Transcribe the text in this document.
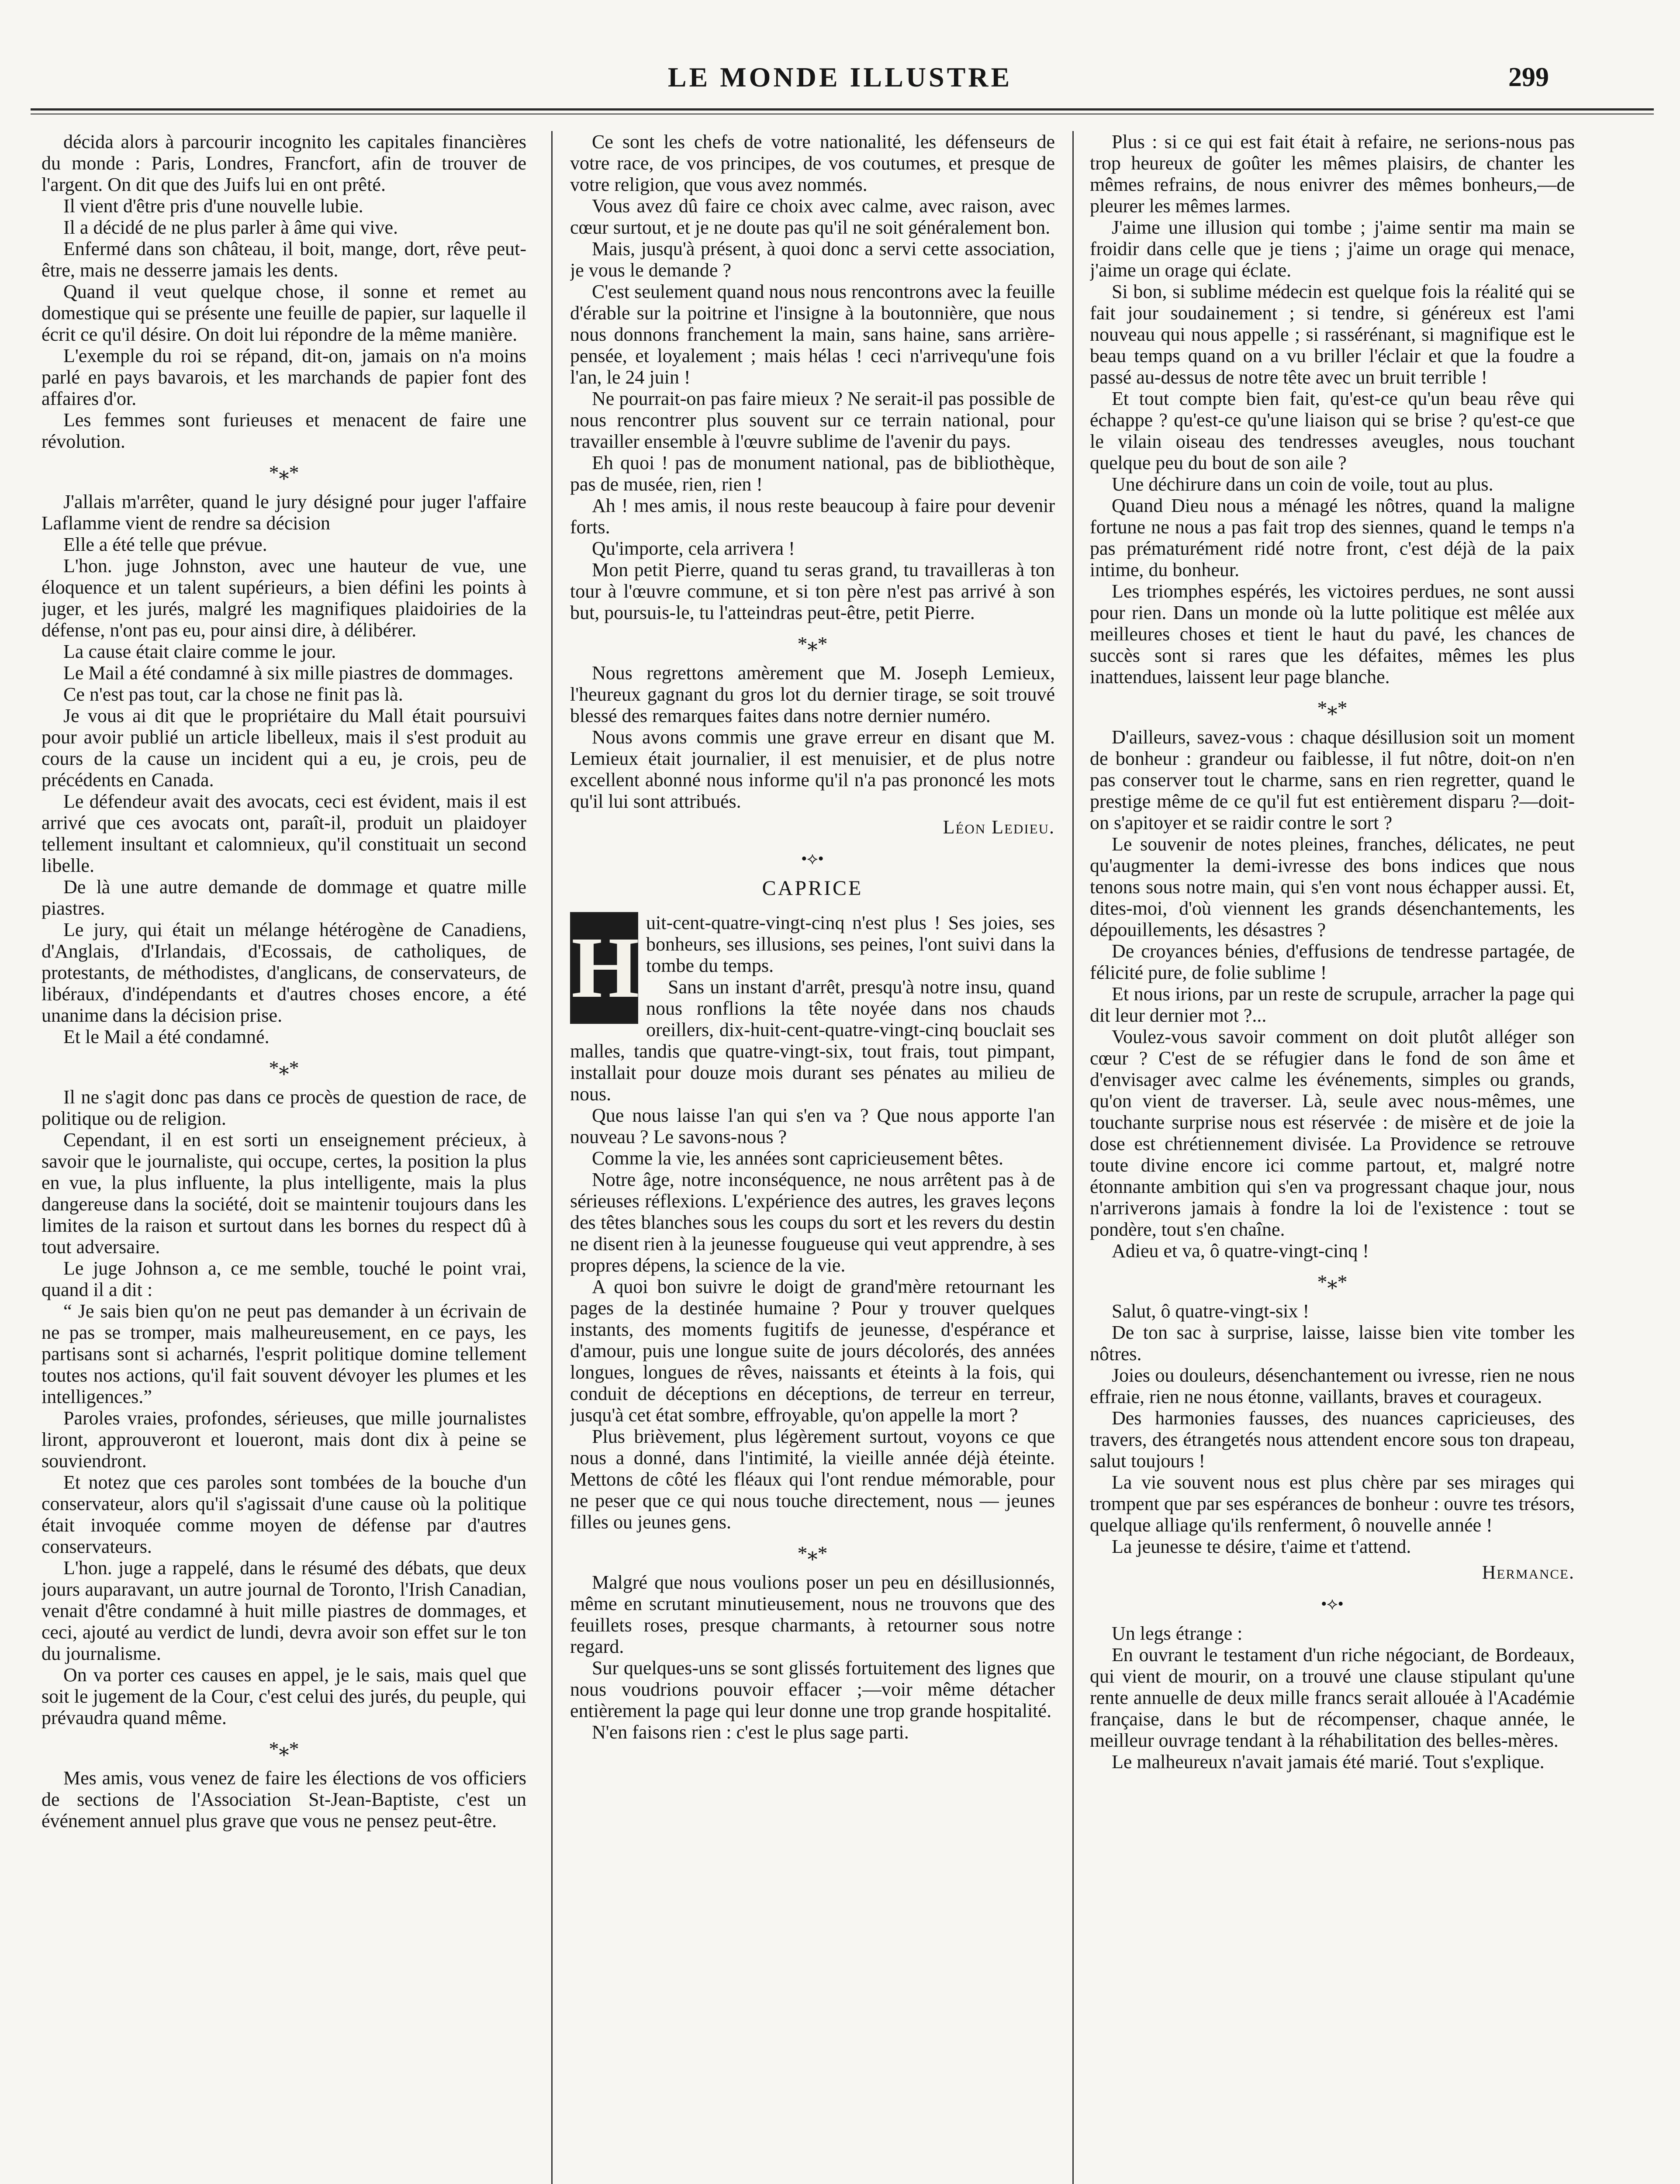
LE MONDE ILLUSTRE	299

décida alors à parcourir incognito les capitales financières du monde : Paris, Londres, Francfort, afin de trouver de l'argent. On dit que des Juifs lui en ont prêté.

Il vient d'être pris d'une nouvelle lubie.

Il a décidé de ne plus parler à âme qui vive.

Enfermé dans son château, il boit, mange, dort, rêve peut-être, mais ne desserre jamais les dents.

Quand il veut quelque chose, il sonne et remet au domestique qui se présente une feuille de papier, sur laquelle il écrit ce qu'il désire. On doit lui répondre de la même manière.

L'exemple du roi se répand, dit-on, jamais on n'a moins parlé en pays bavarois, et les marchands de papier font des affaires d'or.

Les femmes sont furieuses et menacent de faire une révolution.

*⁎*

J'allais m'arrêter, quand le jury désigné pour juger l'affaire Laflamme vient de rendre sa décision

Elle a été telle que prévue.

L'hon. juge Johnston, avec une hauteur de vue, une éloquence et un talent supérieurs, a bien défini les points à juger, et les jurés, malgré les magnifiques plaidoiries de la défense, n'ont pas eu, pour ainsi dire, à délibérer.

La cause était claire comme le jour.

Le Mail a été condamné à six mille piastres de dommages.

Ce n'est pas tout, car la chose ne finit pas là.

Je vous ai dit que le propriétaire du Mall était poursuivi pour avoir publié un article libelleux, mais il s'est produit au cours de la cause un incident qui a eu, je crois, peu de précédents en Canada.

Le défendeur avait des avocats, ceci est évident, mais il est arrivé que ces avocats ont, paraît-il, produit un plaidoyer tellement insultant et calomnieux, qu'il constituait un second libelle.

De là une autre demande de dommage et quatre mille piastres.

Le jury, qui était un mélange hétérogène de Canadiens, d'Anglais, d'Irlandais, d'Ecossais, de catholiques, de protestants, de méthodistes, d'anglicans, de conservateurs, de libéraux, d'indépendants et d'autres choses encore, a été unanime dans la décision prise.

Et le Mail a été condamné.

*⁎*

Il ne s'agit donc pas dans ce procès de question de race, de politique ou de religion.

Cependant, il en est sorti un enseignement précieux, à savoir que le journaliste, qui occupe, certes, la position la plus en vue, la plus influente, la plus intelligente, mais la plus dangereuse dans la société, doit se maintenir toujours dans les limites de la raison et surtout dans les bornes du respect dû à tout adversaire.

Le juge Johnson a, ce me semble, touché le point vrai, quand il a dit :

“ Je sais bien qu'on ne peut pas demander à un écrivain de ne pas se tromper, mais malheureusement, en ce pays, les partisans sont si acharnés, l'esprit politique domine tellement toutes nos actions, qu'il fait souvent dévoyer les plumes et les intelligences.”

Paroles vraies, profondes, sérieuses, que mille journalistes liront, approuveront et loueront, mais dont dix à peine se souviendront.

Et notez que ces paroles sont tombées de la bouche d'un conservateur, alors qu'il s'agissait d'une cause où la politique était invoquée comme moyen de défense par d'autres conservateurs.

L'hon. juge a rappelé, dans le résumé des débats, que deux jours auparavant, un autre journal de Toronto, l'Irish Canadian, venait d'être condamné à huit mille piastres de dommages, et ceci, ajouté au verdict de lundi, devra avoir son effet sur le ton du journalisme.

On va porter ces causes en appel, je le sais, mais quel que soit le jugement de la Cour, c'est celui des jurés, du peuple, qui prévaudra quand même.

*⁎*

Mes amis, vous venez de faire les élections de vos officiers de sections de l'Association St-Jean-Baptiste, c'est un événement annuel plus grave que vous ne pensez peut-être.

Ce sont les chefs de votre nationalité, les défenseurs de votre race, de vos principes, de vos coutumes, et presque de votre religion, que vous avez nommés.

Vous avez dû faire ce choix avec calme, avec raison, avec cœur surtout, et je ne doute pas qu'il ne soit généralement bon.

Mais, jusqu'à présent, à quoi donc a servi cette association, je vous le demande ?

C'est seulement quand nous nous rencontrons avec la feuille d'érable sur la poitrine et l'insigne à la boutonnière, que nous nous donnons franchement la main, sans haine, sans arrière-pensée, et loyalement ; mais hélas ! ceci n'arrivequ'une fois l'an, le 24 juin !

Ne pourrait-on pas faire mieux ? Ne serait-il pas possible de nous rencontrer plus souvent sur ce terrain national, pour travailler ensemble à l'œuvre sublime de l'avenir du pays.

Eh quoi ! pas de monument national, pas de bibliothèque, pas de musée, rien, rien !

Ah ! mes amis, il nous reste beaucoup à faire pour devenir forts.

Qu'importe, cela arrivera !

Mon petit Pierre, quand tu seras grand, tu travailleras à ton tour à l'œuvre commune, et si ton père n'est pas arrivé à son but, poursuis-le, tu l'atteindras peut-être, petit Pierre.

*⁎*

Nous regrettons amèrement que M. Joseph Lemieux, l'heureux gagnant du gros lot du dernier tirage, se soit trouvé blessé des remarques faites dans notre dernier numéro.

Nous avons commis une grave erreur en disant que M. Lemieux était journalier, il est menuisier, et de plus notre excellent abonné nous informe qu'il n'a pas prononcé les mots qu'il lui sont attribués.

Léon Ledieu.
•⟡•
CAPRICE
H uit-cent-quatre-vingt-cinq n'est plus ! Ses joies, ses bonheurs, ses illusions, ses peines, l'ont suivi dans la tombe du temps.

Sans un instant d'arrêt, presqu'à notre insu, quand nous ronflions la tête noyée dans nos chauds oreillers, dix-huit-cent-quatre-vingt-cinq bouclait ses malles, tandis que quatre-vingt-six, tout frais, tout pimpant, installait pour douze mois durant ses pénates au milieu de nous.

Que nous laisse l'an qui s'en va ? Que nous apporte l'an nouveau ? Le savons-nous ?

Comme la vie, les années sont capricieusement bêtes.

Notre âge, notre inconséquence, ne nous arrêtent pas à de sérieuses réflexions. L'expérience des autres, les graves leçons des têtes blanches sous les coups du sort et les revers du destin ne disent rien à la jeunesse fougueuse qui veut apprendre, à ses propres dépens, la science de la vie.

A quoi bon suivre le doigt de grand'mère retournant les pages de la destinée humaine ? Pour y trouver quelques instants, des moments fugitifs de jeunesse, d'espérance et d'amour, puis une longue suite de jours décolorés, des années longues, longues de rêves, naissants et éteints à la fois, qui conduit de déceptions en déceptions, de terreur en terreur, jusqu'à cet état sombre, effroyable, qu'on appelle la mort ?

Plus brièvement, plus légèrement surtout, voyons ce que nous a donné, dans l'intimité, la vieille année déjà éteinte. Mettons de côté les fléaux qui l'ont rendue mémorable, pour ne peser que ce qui nous touche directement, nous — jeunes filles ou jeunes gens.

*⁎*

Malgré que nous voulions poser un peu en désillusionnés, même en scrutant minutieusement, nous ne trouvons que des feuillets roses, presque charmants, à retourner sous notre regard.

Sur quelques-uns se sont glissés fortuitement des lignes que nous voudrions pouvoir effacer ;—voir même détacher entièrement la page qui leur donne une trop grande hospitalité.

N'en faisons rien : c'est le plus sage parti.

Plus : si ce qui est fait était à refaire, ne serions-nous pas trop heureux de goûter les mêmes plaisirs, de chanter les mêmes refrains, de nous enivrer des mêmes bonheurs,—de pleurer les mêmes larmes.

J'aime une illusion qui tombe ; j'aime sentir ma main se froidir dans celle que je tiens ; j'aime un orage qui menace, j'aime un orage qui éclate.

Si bon, si sublime médecin est quelque fois la réalité qui se fait jour soudainement ; si tendre, si généreux est l'ami nouveau qui nous appelle ; si rassérénant, si magnifique est le beau temps quand on a vu briller l'éclair et que la foudre a passé au-dessus de notre tête avec un bruit terrible !

Et tout compte bien fait, qu'est-ce qu'un beau rêve qui échappe ? qu'est-ce qu'une liaison qui se brise ? qu'est-ce que le vilain oiseau des tendresses aveugles, nous touchant quelque peu du bout de son aile ?

Une déchirure dans un coin de voile, tout au plus.

Quand Dieu nous a ménagé les nôtres, quand la maligne fortune ne nous a pas fait trop des siennes, quand le temps n'a pas prématurément ridé notre front, c'est déjà de la paix intime, du bonheur.

Les triomphes espérés, les victoires perdues, ne sont aussi pour rien. Dans un monde où la lutte politique est mêlée aux meilleures choses et tient le haut du pavé, les chances de succès sont si rares que les défaites, mêmes les plus inattendues, laissent leur page blanche.

*⁎*

D'ailleurs, savez-vous : chaque désillusion soit un moment de bonheur : grandeur ou faiblesse, il fut nôtre, doit-on n'en pas conserver tout le charme, sans en rien regretter, quand le prestige même de ce qu'il fut est entièrement disparu ?—doit-on s'apitoyer et se raidir contre le sort ?

Le souvenir de notes pleines, franches, délicates, ne peut qu'augmenter la demi-ivresse des bons indices que nous tenons sous notre main, qui s'en vont nous échapper aussi. Et, dites-moi, d'où viennent les grands désenchantements, les dépouillements, les désastres ?

De croyances bénies, d'effusions de tendresse partagée, de félicité pure, de folie sublime !

Et nous irions, par un reste de scrupule, arracher la page qui dit leur dernier mot ?...

Voulez-vous savoir comment on doit plutôt alléger son cœur ? C'est de se réfugier dans le fond de son âme et d'envisager avec calme les événements, simples ou grands, qu'on vient de traverser. Là, seule avec nous-mêmes, une touchante surprise nous est réservée : de misère et de joie la dose est chrétiennement divisée. La Providence se retrouve toute divine encore ici comme partout, et, malgré notre étonnante ambition qui s'en va progressant chaque jour, nous n'arriverons jamais à fondre la loi de l'existence : tout se pondère, tout s'en chaîne.

Adieu et va, ô quatre-vingt-cinq !

*⁎*

Salut, ô quatre-vingt-six !

De ton sac à surprise, laisse, laisse bien vite tomber les nôtres.

Joies ou douleurs, désenchantement ou ivresse, rien ne nous effraie, rien ne nous étonne, vaillants, braves et courageux.

Des harmonies fausses, des nuances capricieuses, des travers, des étrangetés nous attendent encore sous ton drapeau, salut toujours !

La vie souvent nous est plus chère par ses mirages qui trompent que par ses espérances de bonheur : ouvre tes trésors, quelque alliage qu'ils renferment, ô nouvelle année !

La jeunesse te désire, t'aime et t'attend.

Hermance.
•⟡•

Un legs étrange :

En ouvrant le testament d'un riche négociant, de Bordeaux, qui vient de mourir, on a trouvé une clause stipulant qu'une rente annuelle de deux mille francs serait allouée à l'Académie française, dans le but de récompenser, chaque année, le meilleur ouvrage tendant à la réhabilitation des belles-mères.

Le malheureux n'avait jamais été marié. Tout s'explique.
